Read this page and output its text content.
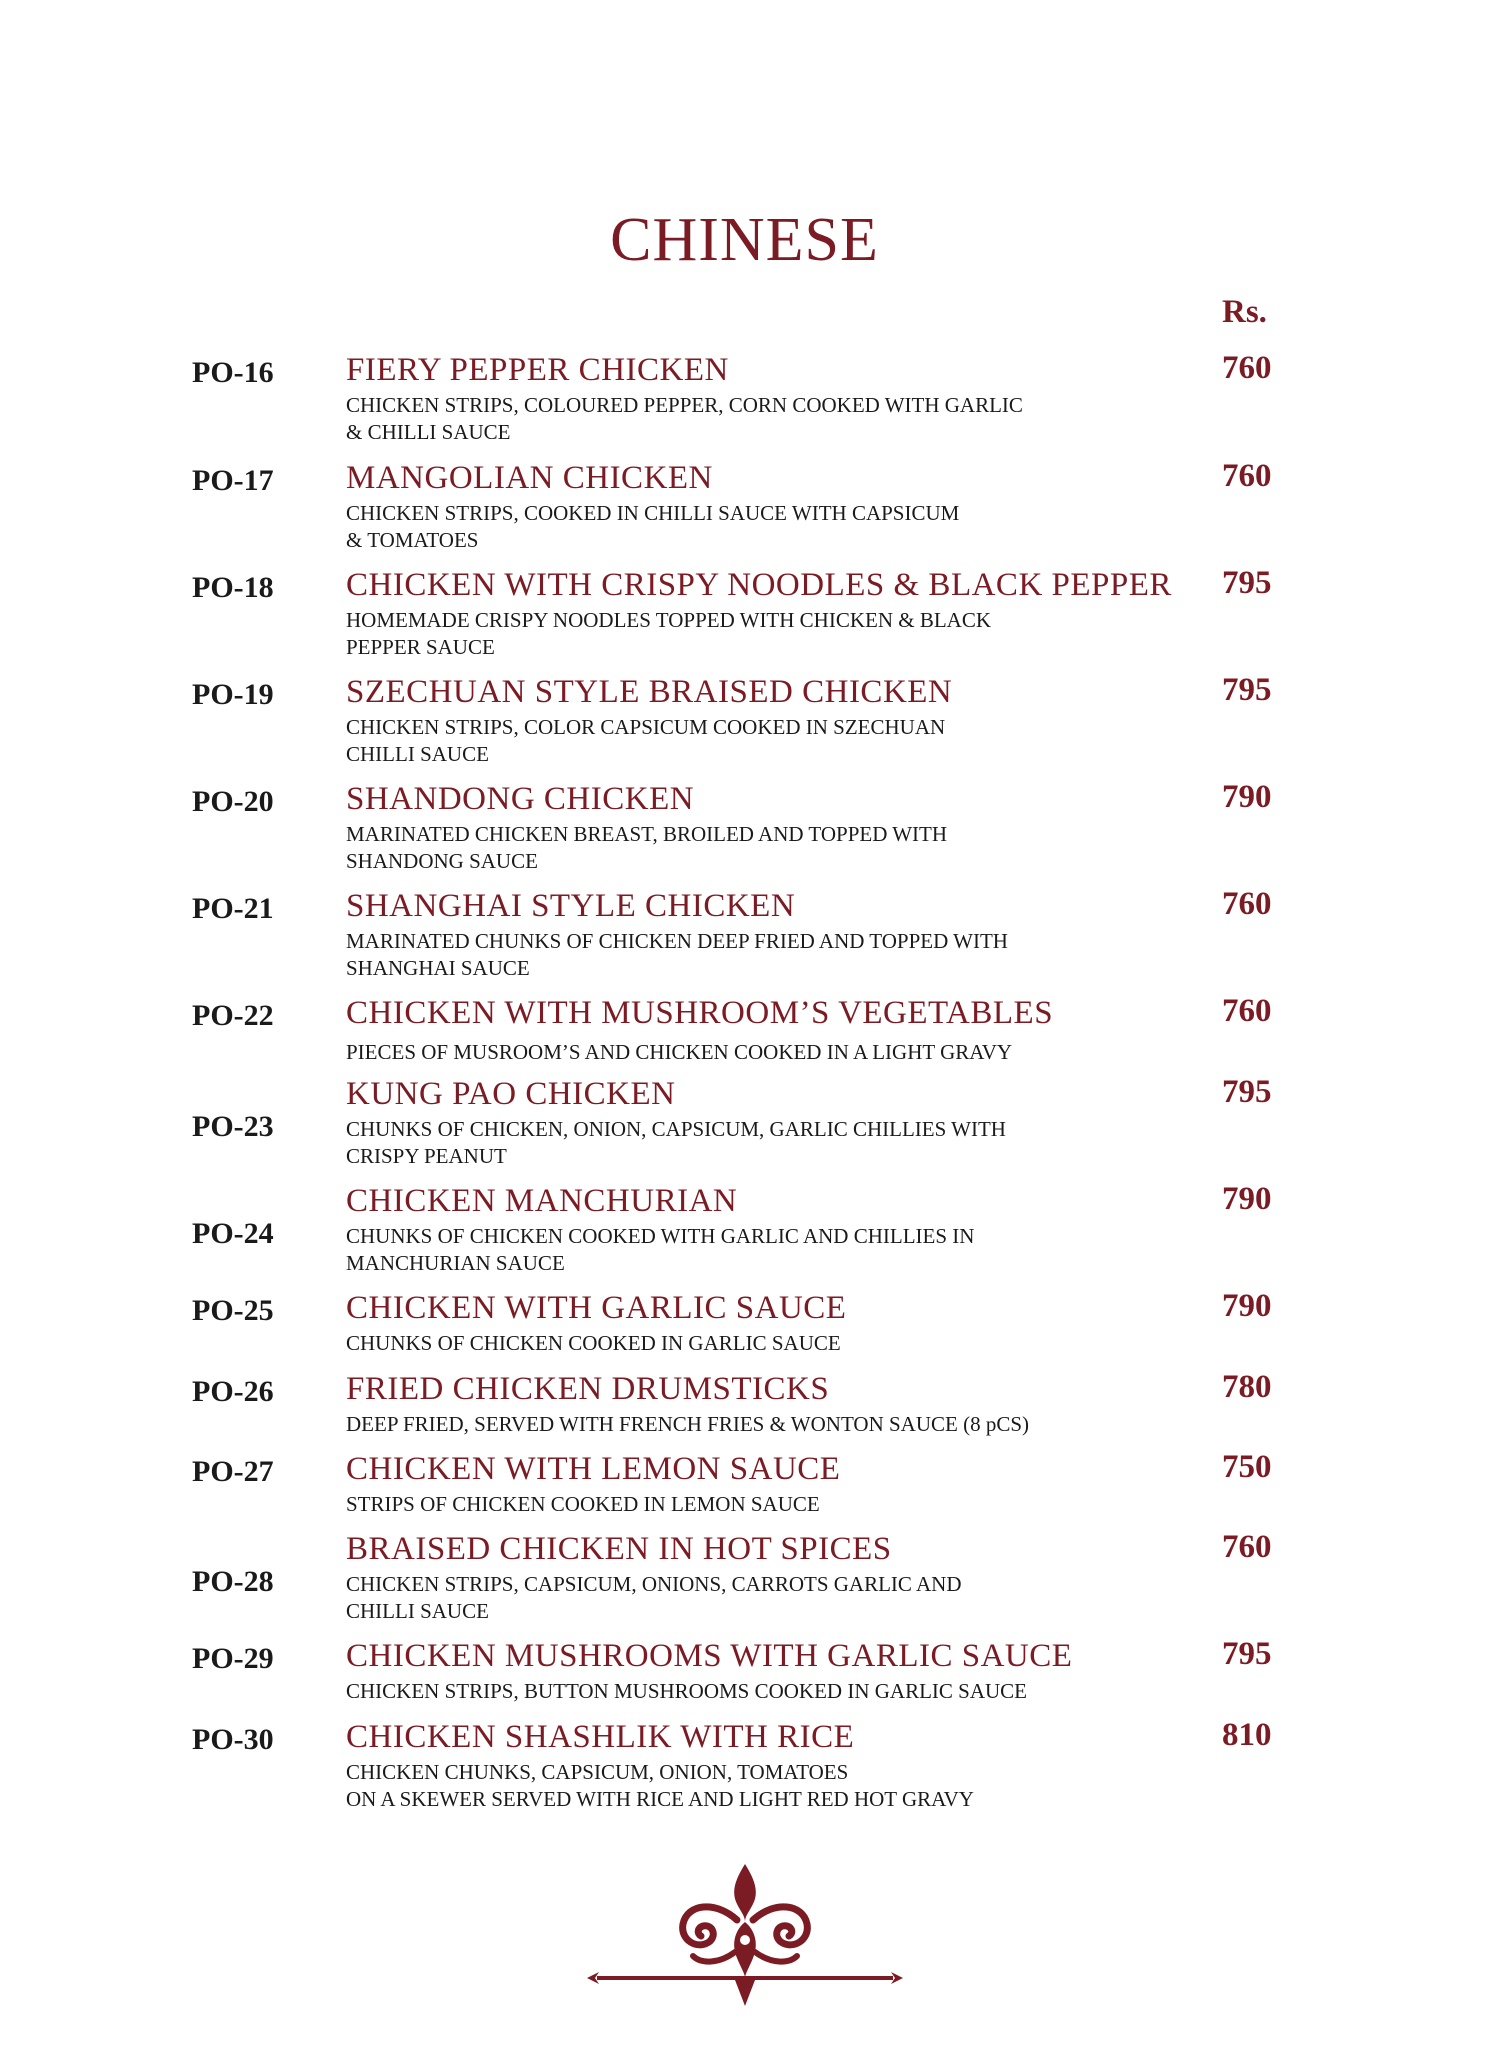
CHINESE
Rs.
PO-16 FIERY PEPPER CHICKEN
CHICKEN STRIPS, COLOURED PEPPER, CORN COOKED WITH GARLIC
& CHILLI SAUCE
760
PO-17 MANGOLIAN CHICKEN
CHICKEN STRIPS, COOKED IN CHILLI SAUCE WITH CAPSICUM
& TOMATOES
760
PO-18 CHICKEN WITH CRISPY NOODLES & BLACK PEPPER
HOMEMADE CRISPY NOODLES TOPPED WITH CHICKEN & BLACK
PEPPER SAUCE
795
PO-19 SZECHUAN STYLE BRAISED CHICKEN
CHICKEN STRIPS, COLOR CAPSICUM COOKED IN SZECHUAN
CHILLI SAUCE
795
PO-20 SHANDONG CHICKEN
MARINATED CHICKEN BREAST, BROILED AND TOPPED WITH
SHANDONG SAUCE
790
PO-21 SHANGHAI STYLE CHICKEN
MARINATED CHUNKS OF CHICKEN DEEP FRIED AND TOPPED WITH
SHANGHAI SAUCE
760
PO-22 CHICKEN WITH MUSHROOM’S VEGETABLES
PIECES OF MUSROOM’S AND CHICKEN COOKED IN A LIGHT GRAVY
760
PO-23
KUNG PAO CHICKEN
CHUNKS OF CHICKEN, ONION, CAPSICUM, GARLIC CHILLIES WITH
CRISPY PEANUT
795
PO-24
CHICKEN MANCHURIAN
CHUNKS OF CHICKEN COOKED WITH GARLIC AND CHILLIES IN
MANCHURIAN SAUCE
790
PO-25 CHICKEN WITH GARLIC SAUCE
CHUNKS OF CHICKEN COOKED IN GARLIC SAUCE
790
PO-26 FRIED CHICKEN DRUMSTICKS
DEEP FRIED, SERVED WITH FRENCH FRIES & WONTON SAUCE (8 pCS)
780
PO-27 CHICKEN WITH LEMON SAUCE
STRIPS OF CHICKEN COOKED IN LEMON SAUCE
750
PO-28
BRAISED CHICKEN IN HOT SPICES
CHICKEN STRIPS, CAPSICUM, ONIONS, CARROTS GARLIC AND
CHILLI SAUCE
760
PO-29 CHICKEN MUSHROOMS WITH GARLIC SAUCE
CHICKEN STRIPS, BUTTON MUSHROOMS COOKED IN GARLIC SAUCE
795
PO-30 CHICKEN SHASHLIK WITH RICE
CHICKEN CHUNKS, CAPSICUM, ONION, TOMATOES
ON A SKEWER SERVED WITH RICE AND LIGHT RED HOT GRAVY
810
